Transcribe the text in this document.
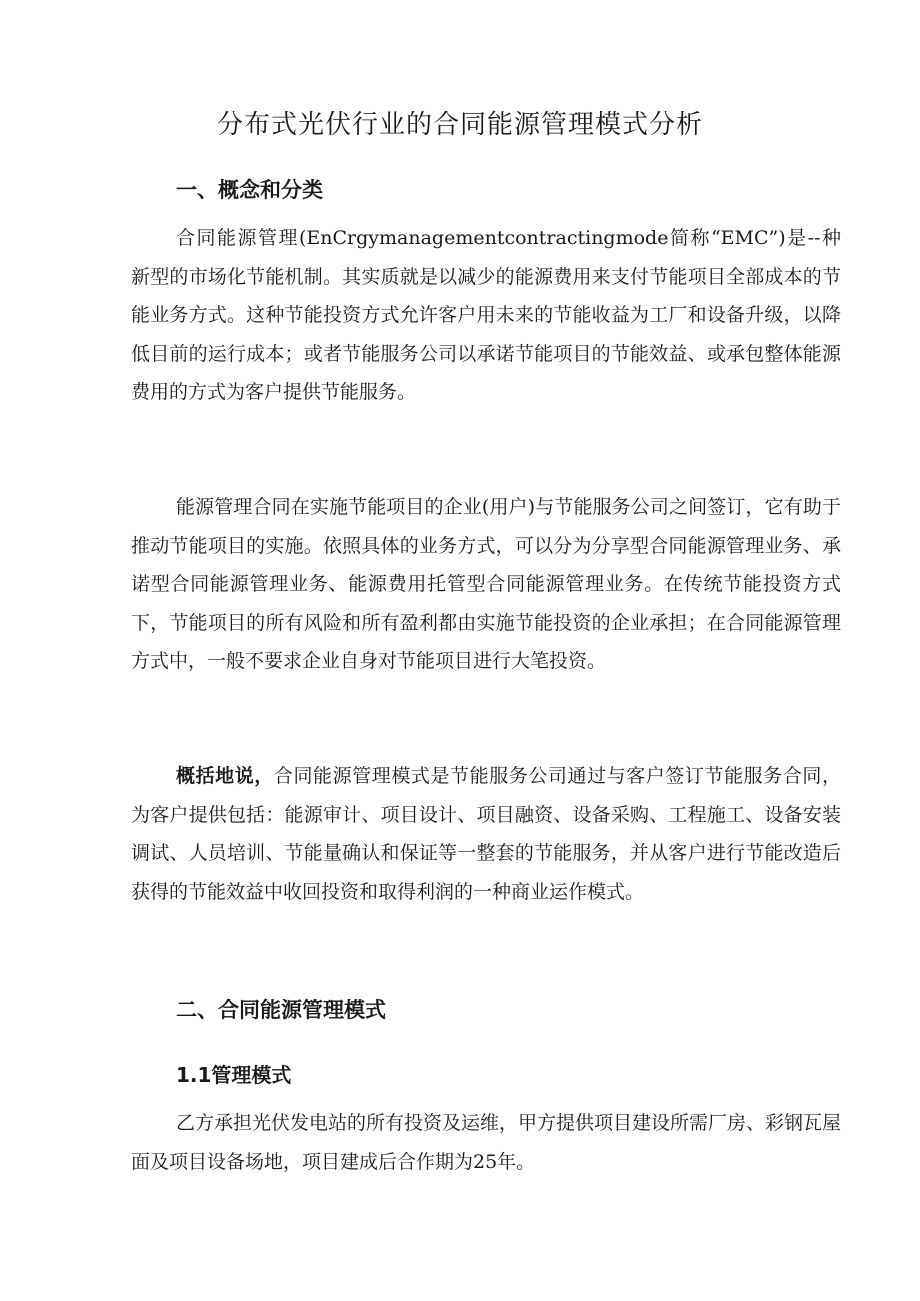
分布式光伏行业的合同能源管理模式分析
一、概念和分类

合同能源管理(EnCrgymanagementcontractingmode简称“EMC”)是--种新型的市场化节能机制。其实质就是以减少的能源费用来支付节能项目全部成本的节能业务方式。这种节能投资方式允许客户用未来的节能收益为工厂和设备升级，以降低目前的运行成本；或者节能服务公司以承诺节能项目的节能效益、或承包整体能源费用的方式为客户提供节能服务。

能源管理合同在实施节能项目的企业(用户)与节能服务公司之间签订，它有助于推动节能项目的实施。依照具体的业务方式，可以分为分享型合同能源管理业务、承诺型合同能源管理业务、能源费用托管型合同能源管理业务。在传统节能投资方式下，节能项目的所有风险和所有盈利都由实施节能投资的企业承担；在合同能源管理方式中，一般不要求企业自身对节能项目进行大笔投资。

概括地说，合同能源管理模式是节能服务公司通过与客户签订节能服务合同，为客户提供包括：能源审计、项目设计、项目融资、设备采购、工程施工、设备安装调试、人员培训、节能量确认和保证等一整套的节能服务，并从客户进行节能改造后获得的节能效益中收回投资和取得利润的一种商业运作模式。

二、合同能源管理模式
1.1管理模式

乙方承担光伏发电站的所有投资及运维，甲方提供项目建设所需厂房、彩钢瓦屋面及项目设备场地，项目建成后合作期为25年。
